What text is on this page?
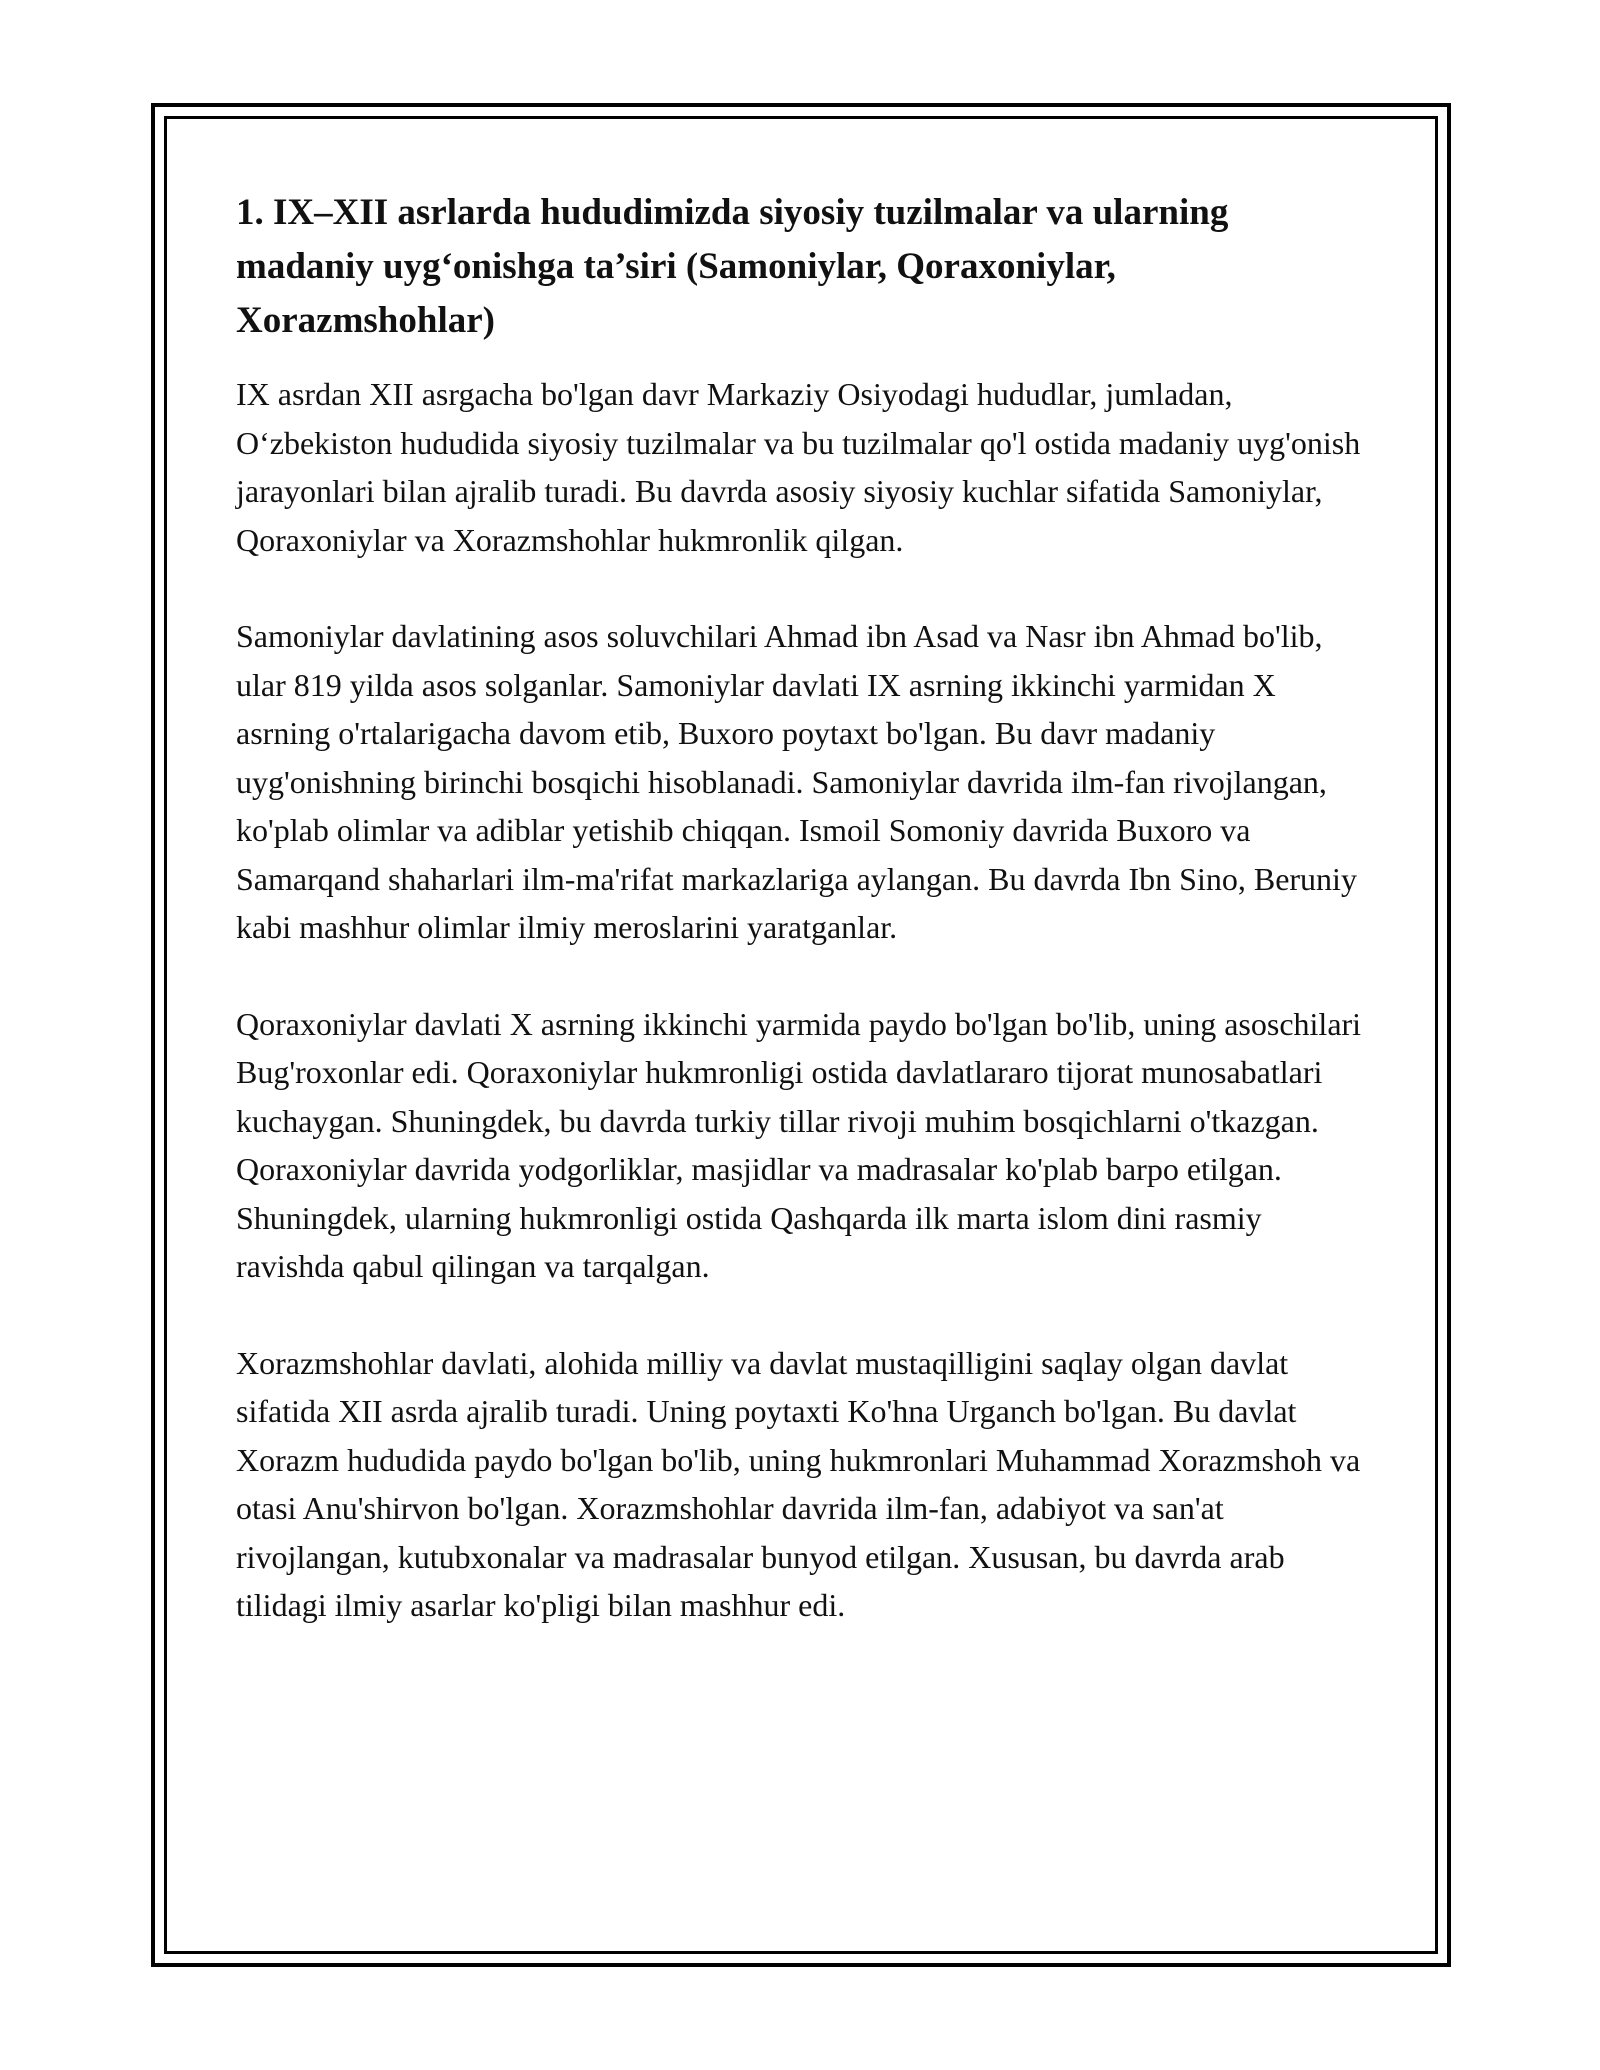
1. IX–XII asrlarda hududimizda siyosiy tuzilmalar va ularning madaniy uyg‘onishga ta’siri (Samoniylar, Qoraxoniylar, Xorazmshohlar)

IX asrdan XII asrgacha bo'lgan davr Markaziy Osiyodagi hududlar, jumladan, O‘zbekiston hududida siyosiy tuzilmalar va bu tuzilmalar qo'l ostida madaniy uyg'onish jarayonlari bilan ajralib turadi. Bu davrda asosiy siyosiy kuchlar sifatida Samoniylar, Qoraxoniylar va Xorazmshohlar hukmronlik qilgan.

Samoniylar davlatining asos soluvchilari Ahmad ibn Asad va Nasr ibn Ahmad bo'lib, ular 819 yilda asos solganlar. Samoniylar davlati IX asrning ikkinchi yarmidan X asrning o'rtalarigacha davom etib, Buxoro poytaxt bo'lgan. Bu davr madaniy uyg'onishning birinchi bosqichi hisoblanadi. Samoniylar davrida ilm-fan rivojlangan, ko'plab olimlar va adiblar yetishib chiqqan. Ismoil Somoniy davrida Buxoro va Samarqand shaharlari ilm-ma'rifat markazlariga aylangan. Bu davrda Ibn Sino, Beruniy kabi mashhur olimlar ilmiy meroslarini yaratganlar.

Qoraxoniylar davlati X asrning ikkinchi yarmida paydo bo'lgan bo'lib, uning asoschilari Bug'roxonlar edi. Qoraxoniylar hukmronligi ostida davlatlararo tijorat munosabatlari kuchaygan. Shuningdek, bu davrda turkiy tillar rivoji muhim bosqichlarni o'tkazgan. Qoraxoniylar davrida yodgorliklar, masjidlar va madrasalar ko'plab barpo etilgan. Shuningdek, ularning hukmronligi ostida Qashqarda ilk marta islom dini rasmiy ravishda qabul qilingan va tarqalgan.

Xorazmshohlar davlati, alohida milliy va davlat mustaqilligini saqlay olgan davlat sifatida XII asrda ajralib turadi. Uning poytaxti Ko'hna Urganch bo'lgan. Bu davlat Xorazm hududida paydo bo'lgan bo'lib, uning hukmronlari Muhammad Xorazmshoh va otasi Anu'shirvon bo'lgan. Xorazmshohlar davrida ilm-fan, adabiyot va san'at rivojlangan, kutubxonalar va madrasalar bunyod etilgan. Xususan, bu davrda arab tilidagi ilmiy asarlar ko'pligi bilan mashhur edi.
